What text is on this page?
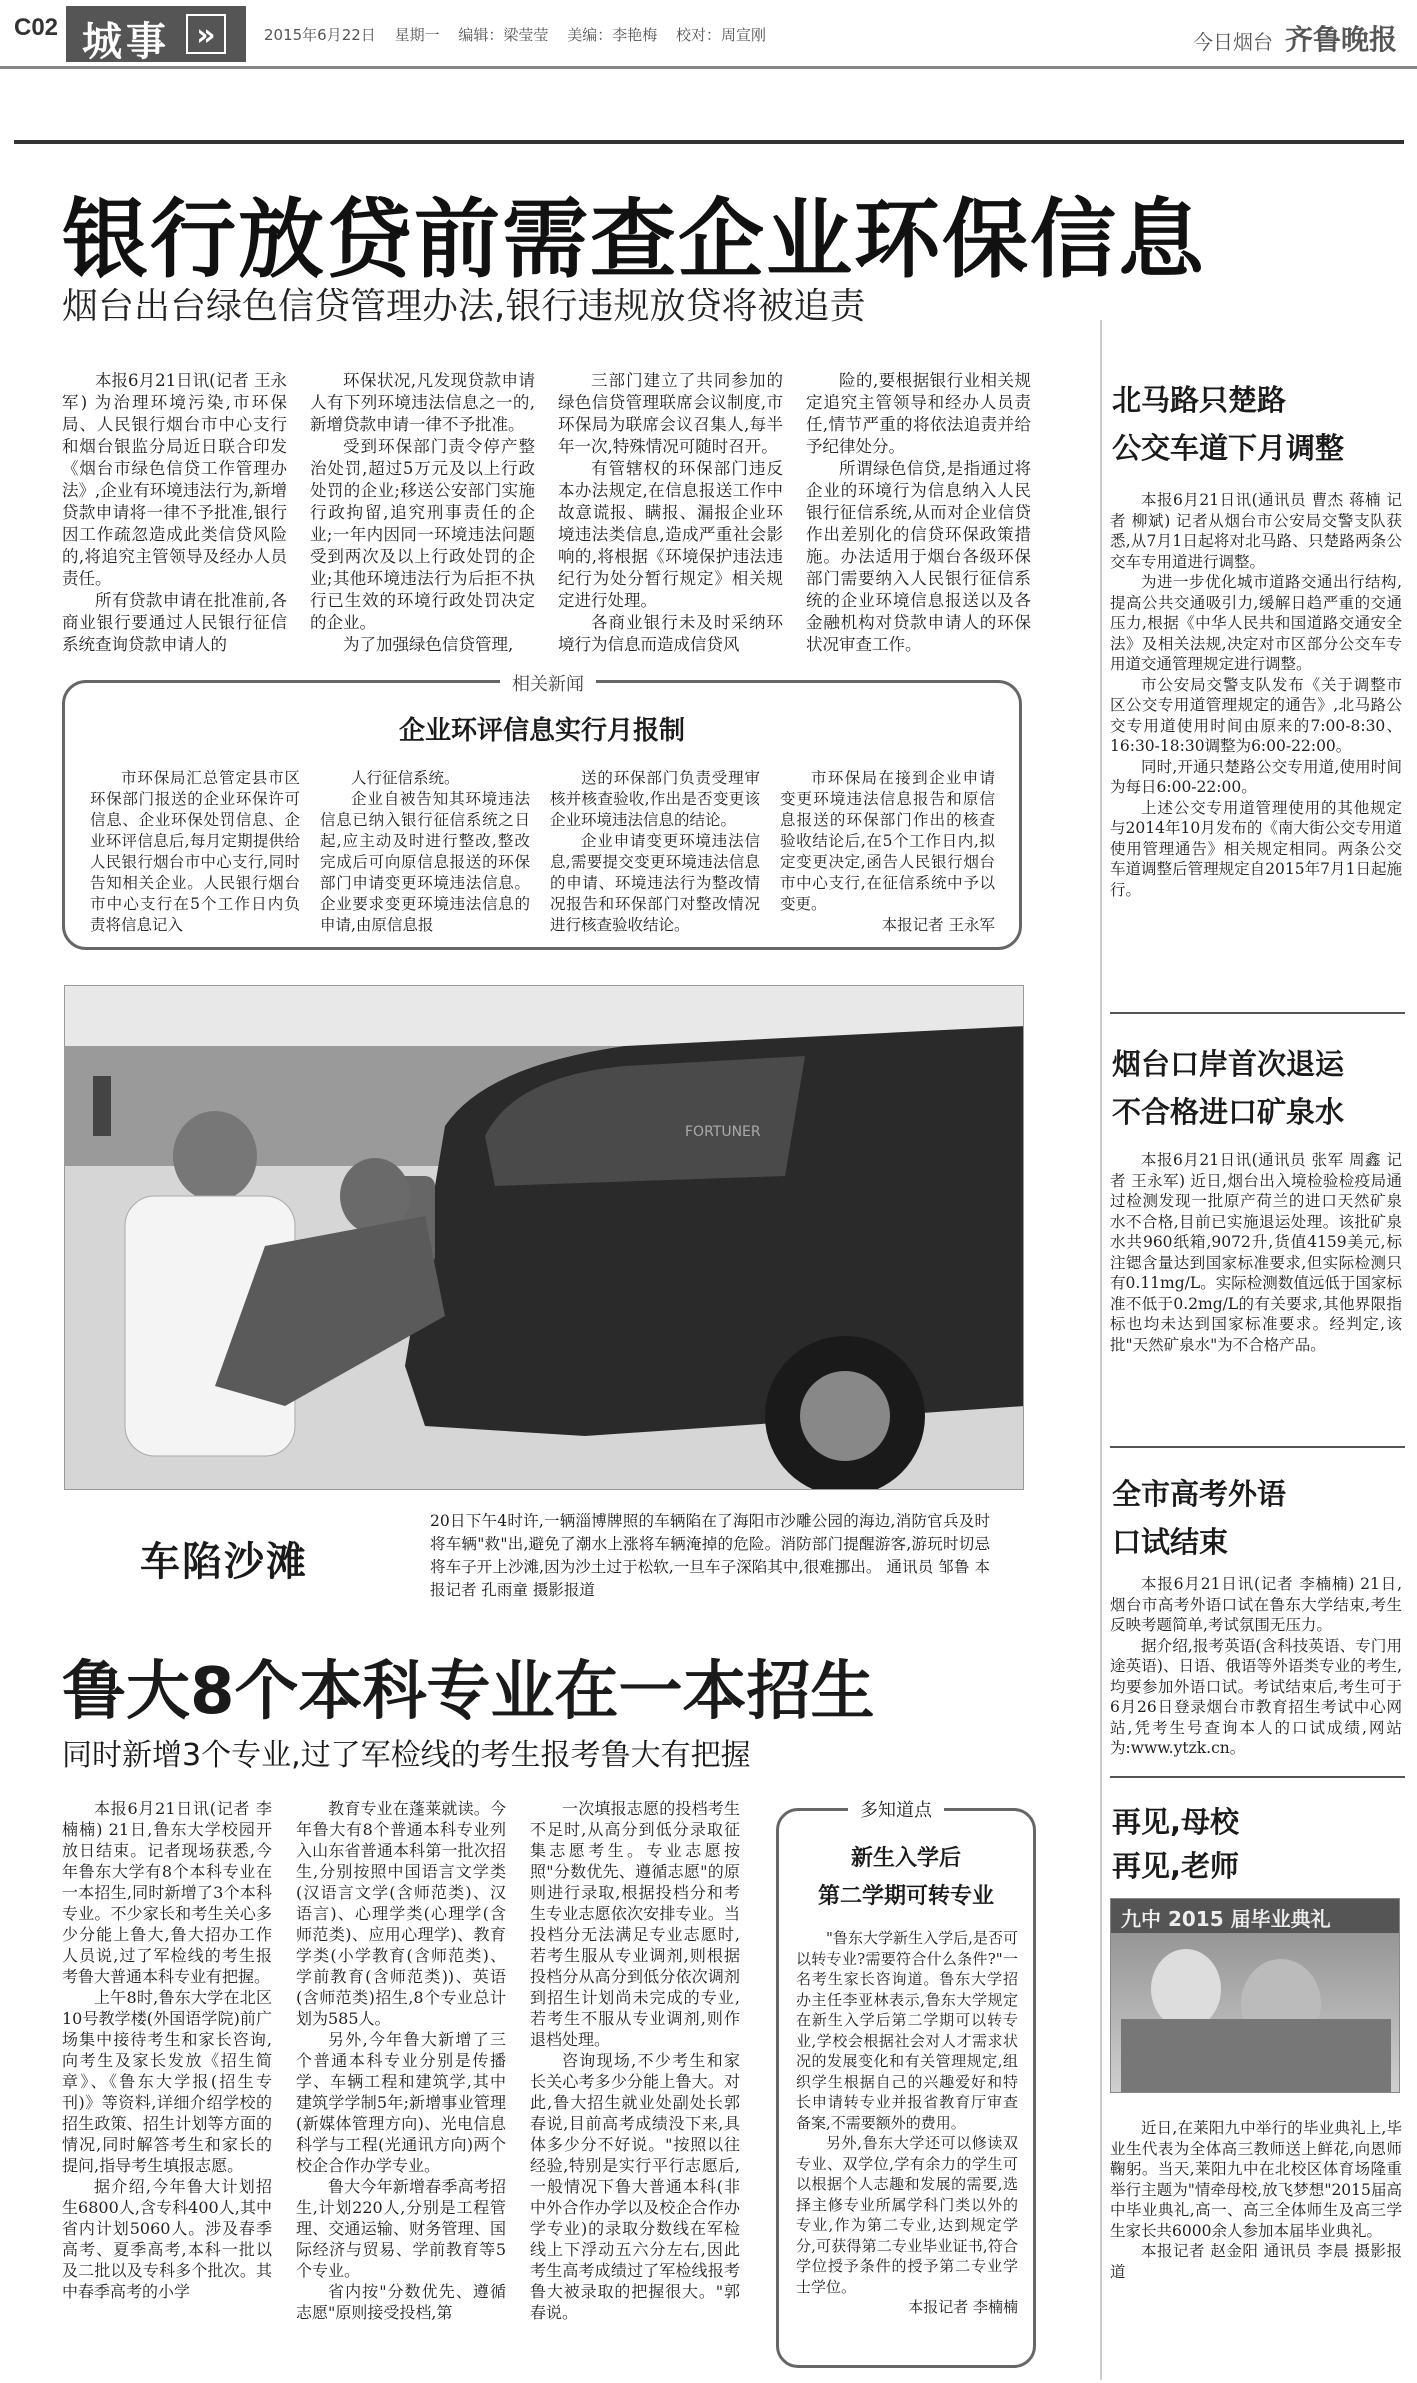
C02 城事 »	2015年6月22日 星期一 编辑：梁莹莹 美编：李艳梅 校对：周宣刚	今日烟台 齐鲁晚报
银行放贷前需查企业环保信息
烟台出台绿色信贷管理办法,银行违规放贷将被追责

本报6月21日讯(记者 王永军) 为治理环境污染,市环保局、人民银行烟台市中心支行和烟台银监分局近日联合印发《烟台市绿色信贷工作管理办法》,企业有环境违法行为,新增贷款申请将一律不予批准,银行因工作疏忽造成此类信贷风险的,将追究主管领导及经办人员责任。

所有贷款申请在批准前,各商业银行要通过人民银行征信系统查询贷款申请人的

环保状况,凡发现贷款申请人有下列环境违法信息之一的,新增贷款申请一律不予批准。

受到环保部门责令停产整治处罚,超过5万元及以上行政处罚的企业;移送公安部门实施行政拘留,追究刑事责任的企业;一年内因同一环境违法问题受到两次及以上行政处罚的企业;其他环境违法行为后拒不执行已生效的环境行政处罚决定的企业。

为了加强绿色信贷管理,

三部门建立了共同参加的绿色信贷管理联席会议制度,市环保局为联席会议召集人,每半年一次,特殊情况可随时召开。

有管辖权的环保部门违反本办法规定,在信息报送工作中故意谎报、瞒报、漏报企业环境违法类信息,造成严重社会影响的,将根据《环境保护违法违纪行为处分暂行规定》相关规定进行处理。

各商业银行未及时采纳环境行为信息而造成信贷风

险的,要根据银行业相关规定追究主管领导和经办人员责任,情节严重的将依法追责并给予纪律处分。

所谓绿色信贷,是指通过将企业的环境行为信息纳入人民银行征信系统,从而对企业信贷作出差别化的信贷环保政策措施。办法适用于烟台各级环保部门需要纳入人民银行征信系统的企业环境信息报送以及各金融机构对贷款申请人的环保状况审查工作。

相关新闻
企业环评信息实行月报制

市环保局汇总管定县市区环保部门报送的企业环保许可信息、企业环保处罚信息、企业环评信息后,每月定期提供给人民银行烟台市中心支行,同时告知相关企业。人民银行烟台市中心支行在5个工作日内负责将信息记入

人行征信系统。

企业自被告知其环境违法信息已纳入银行征信系统之日起,应主动及时进行整改,整改完成后可向原信息报送的环保部门申请变更环境违法信息。企业要求变更环境违法信息的申请,由原信息报

送的环保部门负责受理审核并核查验收,作出是否变更该企业环境违法信息的结论。

企业申请变更环境违法信息,需要提交变更环境违法信息的申请、环境违法行为整改情况报告和环保部门对整改情况进行核查验收结论。

市环保局在接到企业申请变更环境违法信息报告和原信息报送的环保部门作出的核查验收结论后,在5个工作日内,拟定变更决定,函告人民银行烟台市中心支行,在征信系统中予以变更。

本报记者 王永军

FORTUNER
车陷沙滩
20日下午4时许,一辆淄博牌照的车辆陷在了海阳市沙雕公园的海边,消防官兵及时将车辆"救"出,避免了潮水上涨将车辆淹掉的危险。消防部门提醒游客,游玩时切忌将车子开上沙滩,因为沙土过于松软,一旦车子深陷其中,很难挪出。 通讯员 邹鲁 本报记者 孔雨童 摄影报道
鲁大8个本科专业在一本招生
同时新增3个专业,过了军检线的考生报考鲁大有把握

本报6月21日讯(记者 李楠楠) 21日,鲁东大学校园开放日结束。记者现场获悉,今年鲁东大学有8个本科专业在一本招生,同时新增了3个本科专业。不少家长和考生关心多少分能上鲁大,鲁大招办工作人员说,过了军检线的考生报考鲁大普通本科专业有把握。

上午8时,鲁东大学在北区10号教学楼(外国语学院)前广场集中接待考生和家长咨询,向考生及家长发放《招生简章》、《鲁东大学报(招生专刊)》等资料,详细介绍学校的招生政策、招生计划等方面的情况,同时解答考生和家长的提问,指导考生填报志愿。

据介绍,今年鲁大计划招生6800人,含专科400人,其中省内计划5060人。涉及春季高考、夏季高考,本科一批以及二批以及专科多个批次。其中春季高考的小学

教育专业在蓬莱就读。今年鲁大有8个普通本科专业列入山东省普通本科第一批次招生,分别按照中国语言文学类(汉语言文学(含师范类)、汉语言)、心理学类(心理学(含师范类)、应用心理学)、教育学类(小学教育(含师范类)、学前教育(含师范类))、英语(含师范类)招生,8个专业总计划为585人。

另外,今年鲁大新增了三个普通本科专业分别是传播学、车辆工程和建筑学,其中建筑学学制5年;新增事业管理(新媒体管理方向)、光电信息科学与工程(光通讯方向)两个校企合作办学专业。

鲁大今年新增春季高考招生,计划220人,分别是工程管理、交通运输、财务管理、国际经济与贸易、学前教育等5个专业。

省内按"分数优先、遵循志愿"原则接受投档,第

一次填报志愿的投档考生不足时,从高分到低分录取征集志愿考生。专业志愿按照"分数优先、遵循志愿"的原则进行录取,根据投档分和考生专业志愿依次安排专业。当投档分无法满足专业志愿时,若考生服从专业调剂,则根据投档分从高分到低分依次调剂到招生计划尚未完成的专业,若考生不服从专业调剂,则作退档处理。

咨询现场,不少考生和家长关心考多少分能上鲁大。对此,鲁大招生就业处副处长郭春说,目前高考成绩没下来,具体多少分不好说。"按照以往经验,特别是实行平行志愿后,一般情况下鲁大普通本科(非中外合作办学以及校企合作办学专业)的录取分数线在军检线上下浮动五六分左右,因此考生高考成绩过了军检线报考鲁大被录取的把握很大。"郭春说。

多知道点
新生入学后
第二学期可转专业

"鲁东大学新生入学后,是否可以转专业?需要符合什么条件?"一名考生家长咨询道。鲁东大学招办主任李亚林表示,鲁东大学规定在新生入学后第二学期可以转专业,学校会根据社会对人才需求状况的发展变化和有关管理规定,组织学生根据自己的兴趣爱好和特长申请转专业并报省教育厅审查备案,不需要额外的费用。

另外,鲁东大学还可以修读双专业、双学位,学有余力的学生可以根据个人志趣和发展的需要,选择主修专业所属学科门类以外的专业,作为第二专业,达到规定学分,可获得第二专业毕业证书,符合学位授予条件的授予第二专业学士学位。

本报记者 李楠楠

北马路只楚路
公交车道下月调整

本报6月21日讯(通讯员 曹杰 蒋楠 记者 柳斌) 记者从烟台市公安局交警支队获悉,从7月1日起将对北马路、只楚路两条公交车专用道进行调整。

为进一步优化城市道路交通出行结构,提高公共交通吸引力,缓解日趋严重的交通压力,根据《中华人民共和国道路交通安全法》及相关法规,决定对市区部分公交车专用道交通管理规定进行调整。

市公安局交警支队发布《关于调整市区公交专用道管理规定的通告》,北马路公交专用道使用时间由原来的7:00-8:30、16:30-18:30调整为6:00-22:00。

同时,开通只楚路公交专用道,使用时间为每日6:00-22:00。

上述公交专用道管理使用的其他规定与2014年10月发布的《南大街公交专用道使用管理通告》相关规定相同。两条公交车道调整后管理规定自2015年7月1日起施行。

烟台口岸首次退运
不合格进口矿泉水

本报6月21日讯(通讯员 张军 周鑫 记者 王永军) 近日,烟台出入境检验检疫局通过检测发现一批原产荷兰的进口天然矿泉水不合格,目前已实施退运处理。该批矿泉水共960纸箱,9072升,货值4159美元,标注锶含量达到国家标准要求,但实际检测只有0.11mg/L。实际检测数值远低于国家标准不低于0.2mg/L的有关要求,其他界限指标也均未达到国家标准要求。经判定,该批"天然矿泉水"为不合格产品。

全市高考外语
口试结束

本报6月21日讯(记者 李楠楠) 21日,烟台市高考外语口试在鲁东大学结束,考生反映考题简单,考试氛围无压力。

据介绍,报考英语(含科技英语、专门用途英语)、日语、俄语等外语类专业的考生,均要参加外语口试。考试结束后,考生可于6月26日登录烟台市教育招生考试中心网站,凭考生号查询本人的口试成绩,网站为:www.ytzk.cn。

再见,母校
再见,老师
九中 2015 届毕业典礼

近日,在莱阳九中举行的毕业典礼上,毕业生代表为全体高三教师送上鲜花,向恩师鞠躬。当天,莱阳九中在北校区体育场隆重举行主题为"情牵母校,放飞梦想"2015届高中毕业典礼,高一、高三全体师生及高三学生家长共6000余人参加本届毕业典礼。

本报记者 赵金阳 通讯员 李晨 摄影报道
